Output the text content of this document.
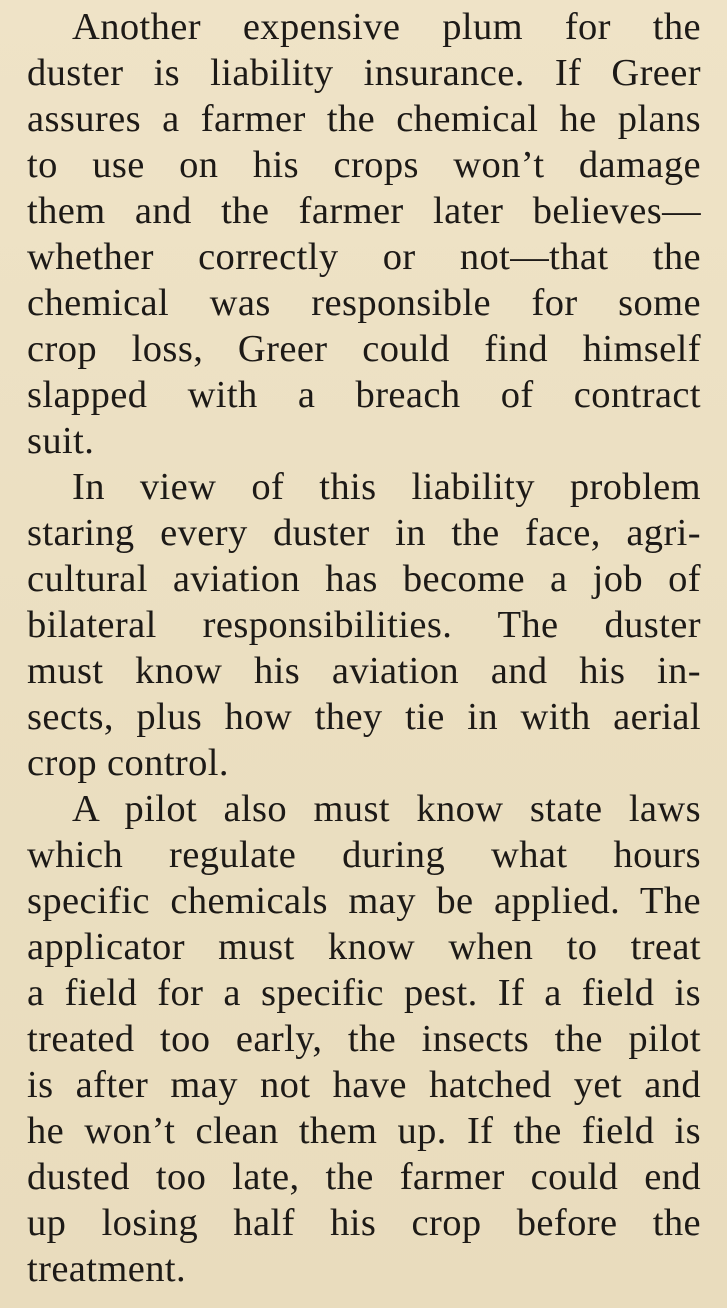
Another expensive plum for the
duster is liability insurance. If Greer
assures a farmer the chemical he plans
to use on his crops won’t damage
them and the farmer later believes—
whether correctly or not—that the
chemical was responsible for some
crop loss, Greer could find himself
slapped with a breach of contract
suit.
In view of this liability problem
staring every duster in the face, agri-
cultural aviation has become a job of
bilateral responsibilities. The duster
must know his aviation and his in-
sects, plus how they tie in with aerial
crop control.
A pilot also must know state laws
which regulate during what hours
specific chemicals may be applied. The
applicator must know when to treat
a field for a specific pest. If a field is
treated too early, the insects the pilot
is after may not have hatched yet and
he won’t clean them up. If the field is
dusted too late, the farmer could end
up losing half his crop before the
treatment.
